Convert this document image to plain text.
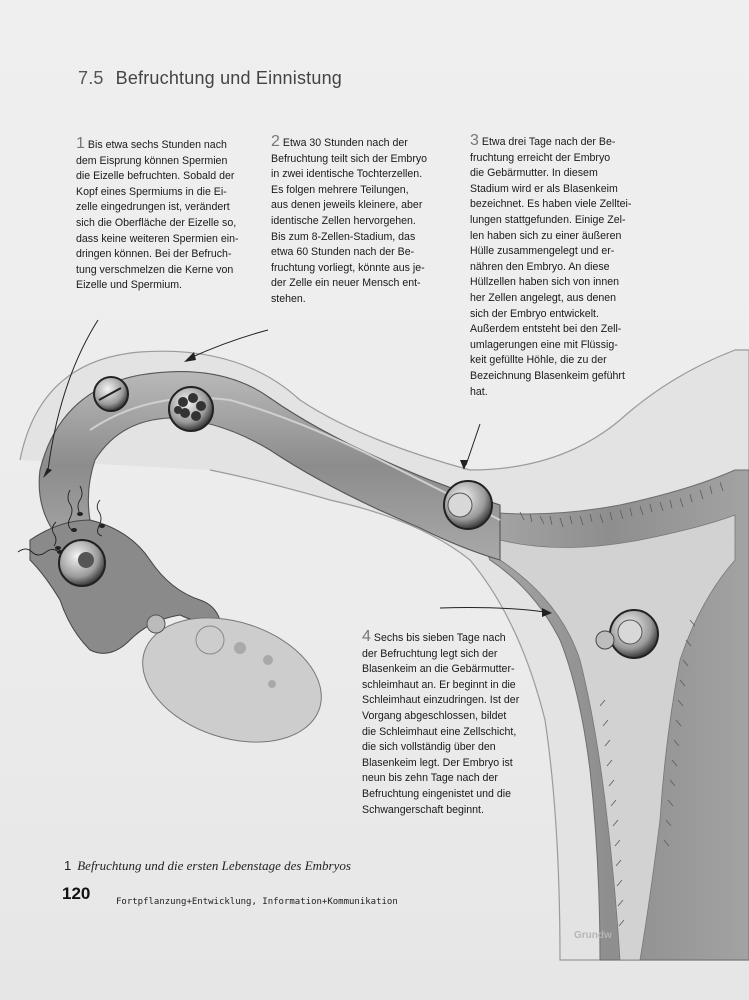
7.5 Befruchtung und Einnistung
1 Bis etwa sechs Stunden nach
dem Eisprung können Spermien
die Eizelle befruchten. Sobald der
Kopf eines Spermiums in die Ei-
zelle eingedrungen ist, verändert
sich die Oberfläche der Eizelle so,
dass keine weiteren Spermien ein-
dringen können. Bei der Befruch-
tung verschmelzen die Kerne von
Eizelle und Spermium.
2 Etwa 30 Stunden nach der
Befruchtung teilt sich der Embryo
in zwei identische Tochterzellen.
Es folgen mehrere Teilungen,
aus denen jeweils kleinere, aber
identische Zellen hervorgehen.
Bis zum 8-Zellen-Stadium, das
etwa 60 Stunden nach der Be-
fruchtung vorliegt, könnte aus je-
der Zelle ein neuer Mensch ent-
stehen.
3 Etwa drei Tage nach der Be-
fruchtung erreicht der Embryo
die Gebärmutter. In diesem
Stadium wird er als Blasenkeim
bezeichnet. Es haben viele Zelltei-
lungen stattgefunden. Einige Zel-
len haben sich zu einer äußeren
Hülle zusammengelegt und er-
nähren den Embryo. An diese
Hüllzellen haben sich von innen
her Zellen angelegt, aus denen
sich der Embryo entwickelt.
Außerdem entsteht bei den Zell-
umlagerungen eine mit Flüssig-
keit gefüllte Höhle, die zu der
Bezeichnung Blasenkeim geführt
hat.
4 Sechs bis sieben Tage nach
der Befruchtung legt sich der
Blasenkeim an die Gebärmutter-
schleimhaut an. Er beginnt in die
Schleimhaut einzudringen. Ist der
Vorgang abgeschlossen, bildet
die Schleimhaut eine Zellschicht,
die sich vollständig über den
Blasenkeim legt. Der Embryo ist
neun bis zehn Tage nach der
Befruchtung eingenistet und die
Schwangerschaft beginnt.
1 Befruchtung und die ersten Lebenstage des Embryos
120	Fortpflanzung+Entwicklung, Information+Kommunikation
Grundw
